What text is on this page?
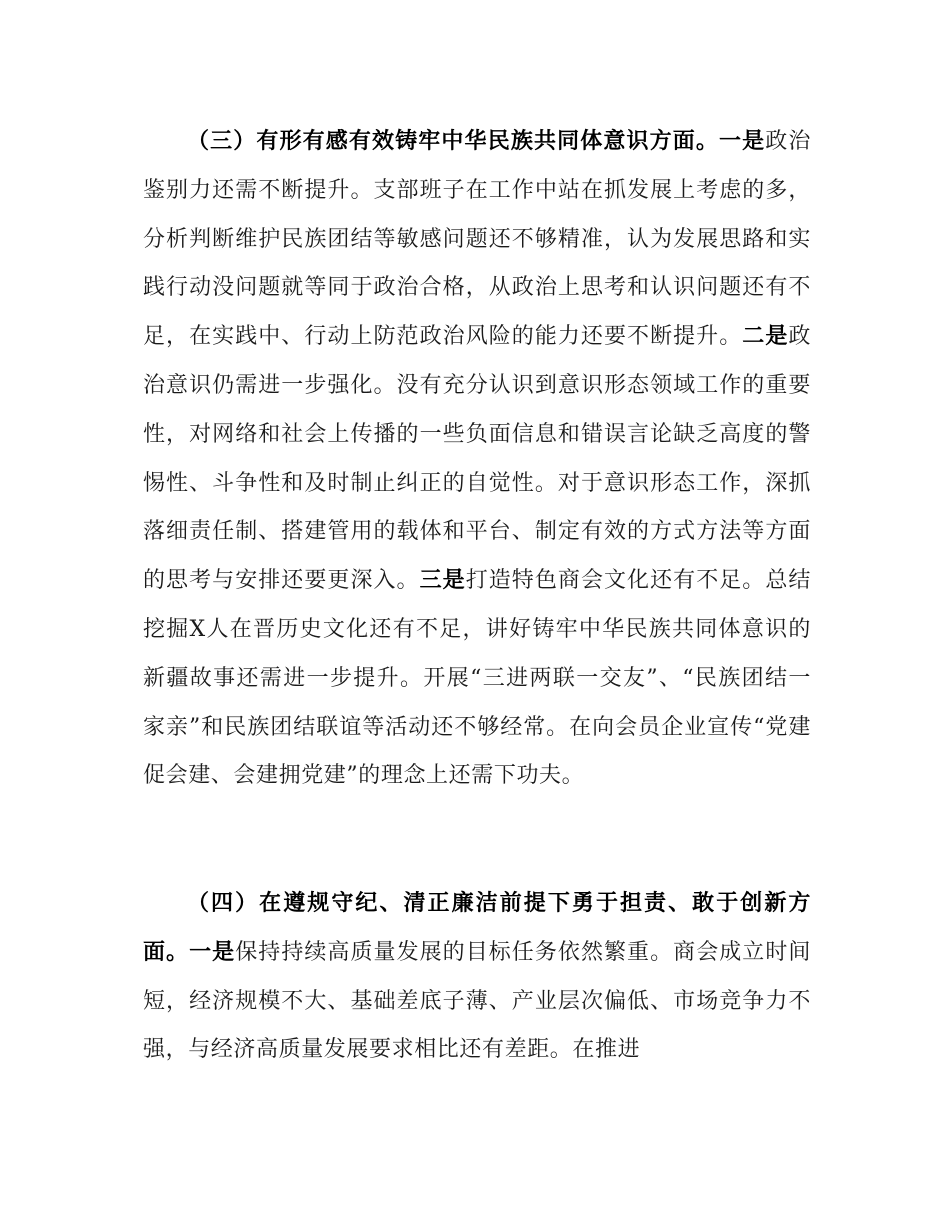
（三）有形有感有效铸牢中华民族共同体意识方面。一是政治鉴别力还需不断提升。支部班子在工作中站在抓发展上考虑的多，分析判断维护民族团结等敏感问题还不够精准，认为发展思路和实践行动没问题就等同于政治合格，从政治上思考和认识问题还有不足，在实践中、行动上防范政治风险的能力还要不断提升。二是政治意识仍需进一步强化。没有充分认识到意识形态领域工作的重要性，对网络和社会上传播的一些负面信息和错误言论缺乏高度的警惕性、斗争性和及时制止纠正的自觉性。对于意识形态工作，深抓落细责任制、搭建管用的载体和平台、制定有效的方式方法等方面的思考与安排还要更深入。三是打造特色商会文化还有不足。总结挖掘X人在晋历史文化还有不足，讲好铸牢中华民族共同体意识的新疆故事还需进一步提升。开展“三进两联一交友”、“民族团结一家亲”和民族团结联谊等活动还不够经常。在向会员企业宣传“党建促会建、会建拥党建”的理念上还需下功夫。

（四）在遵规守纪、清正廉洁前提下勇于担责、敢于创新方面。一是保持持续高质量发展的目标任务依然繁重。商会成立时间短，经济规模不大、基础差底子薄、产业层次偏低、市场竞争力不强，与经济高质量发展要求相比还有差距。在推进
